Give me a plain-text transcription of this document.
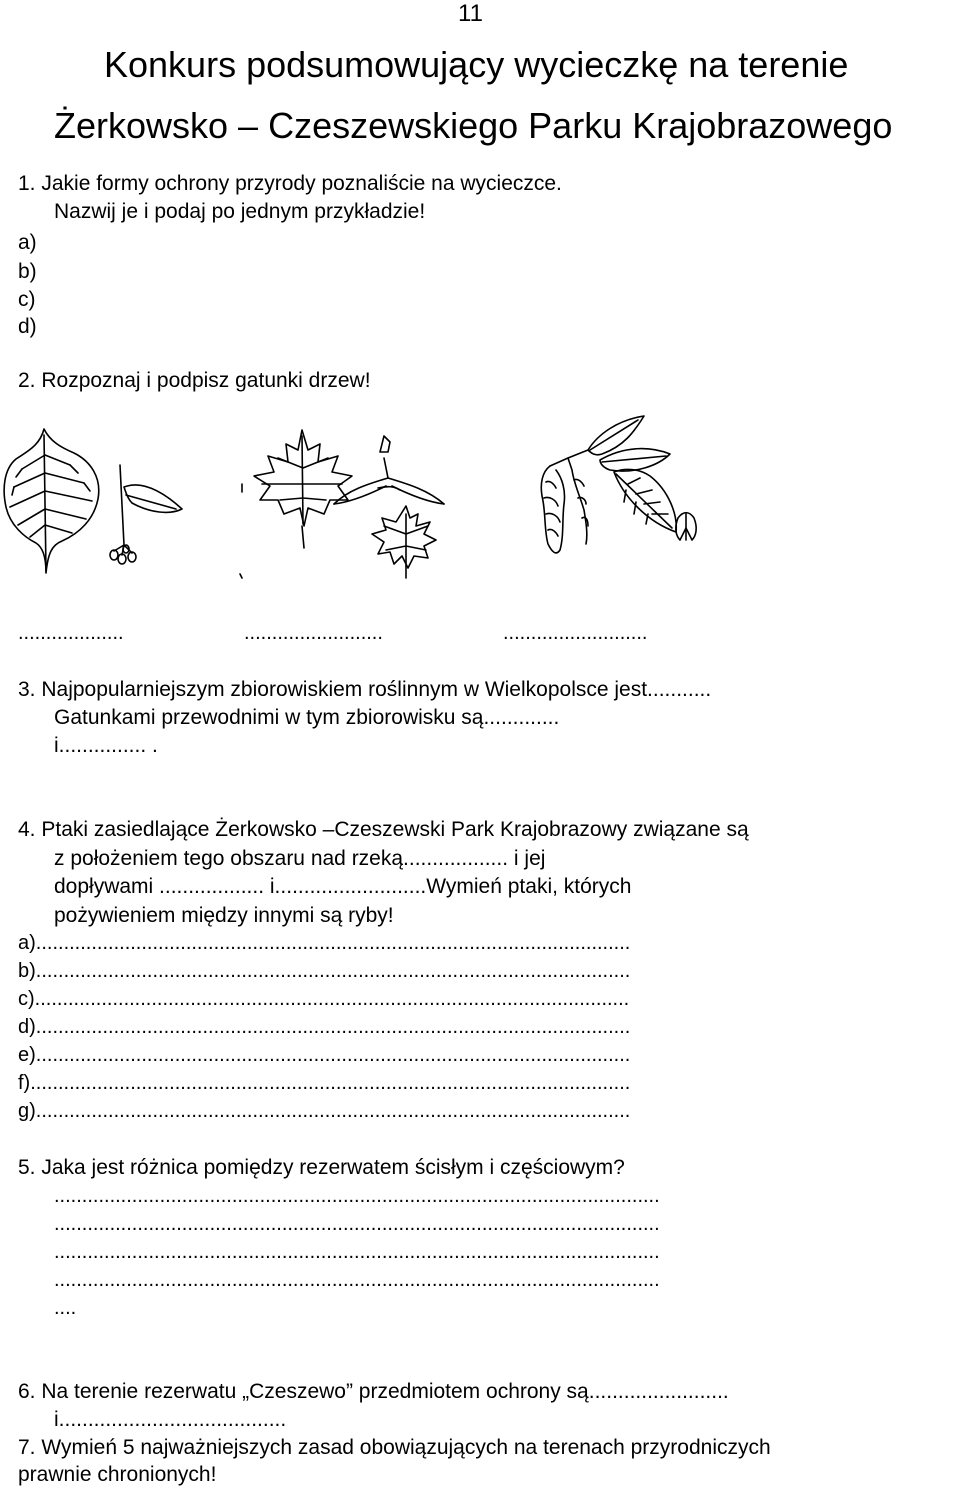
11
Konkurs podsumowujący wycieczkę na terenie
Żerkowsko – Czeszewskiego Parku Krajobrazowego
1. Jakie formy ochrony przyrody poznaliście na wycieczce.
Nazwij je i podaj po jednym przykładzie!
a)
b)
c)
d)
2. Rozpoznaj i podpisz gatunki drzew!
...................	.........................	..........................
3. Najpopularniejszym zbiorowiskiem roślinnym w Wielkopolsce jest...........
Gatunkami przewodnimi w tym zbiorowisku są.............
i............... .
4. Ptaki zasiedlające Żerkowsko –Czeszewski Park Krajobrazowy związane są
z położeniem tego obszaru nad rzeką.................. i jej
dopływami .................. i..........................Wymień ptaki, których
pożywieniem między innymi są ryby!
a)...........................................................................................................
b)...........................................................................................................
c)...........................................................................................................
d)...........................................................................................................
e)...........................................................................................................
f)............................................................................................................
g)...........................................................................................................
5. Jaka jest różnica pomiędzy rezerwatem ścisłym i częściowym?
.............................................................................................................
.............................................................................................................
.............................................................................................................
.............................................................................................................
....
6. Na terenie rezerwatu „Czeszewo” przedmiotem ochrony są........................
i.......................................
7. Wymień 5 najważniejszych zasad obowiązujących na terenach przyrodniczych
prawnie chronionych!
